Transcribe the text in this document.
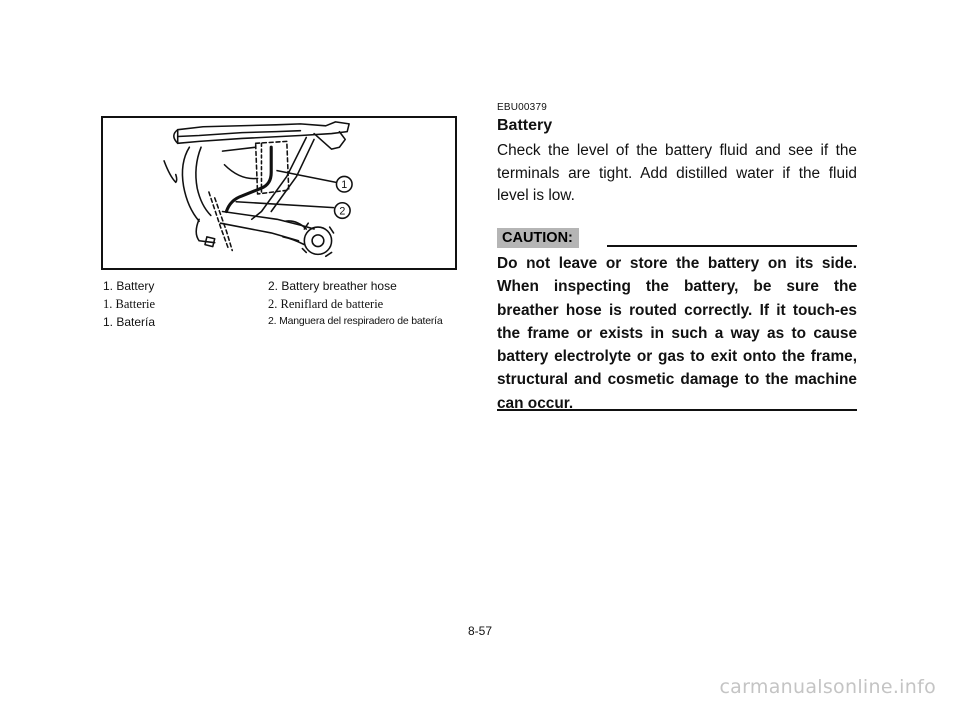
1
2
1. Battery	2. Battery breather hose
1. Batterie	2. Reniflard de batterie
1. Batería	2. Manguera del respiradero de batería
EBU00379
Battery

Check the level of the battery fluid and see if the terminals are tight. Add distilled water if the fluid level is low.

CAUTION:

Do not leave or store the battery on its side. When inspecting the battery, be sure the breather hose is routed correctly. If it touch-es the frame or exists in such a way as to cause battery electrolyte or gas to exit onto the frame, structural and cosmetic damage to the machine can occur.

8-57
carmanualsonline.info
